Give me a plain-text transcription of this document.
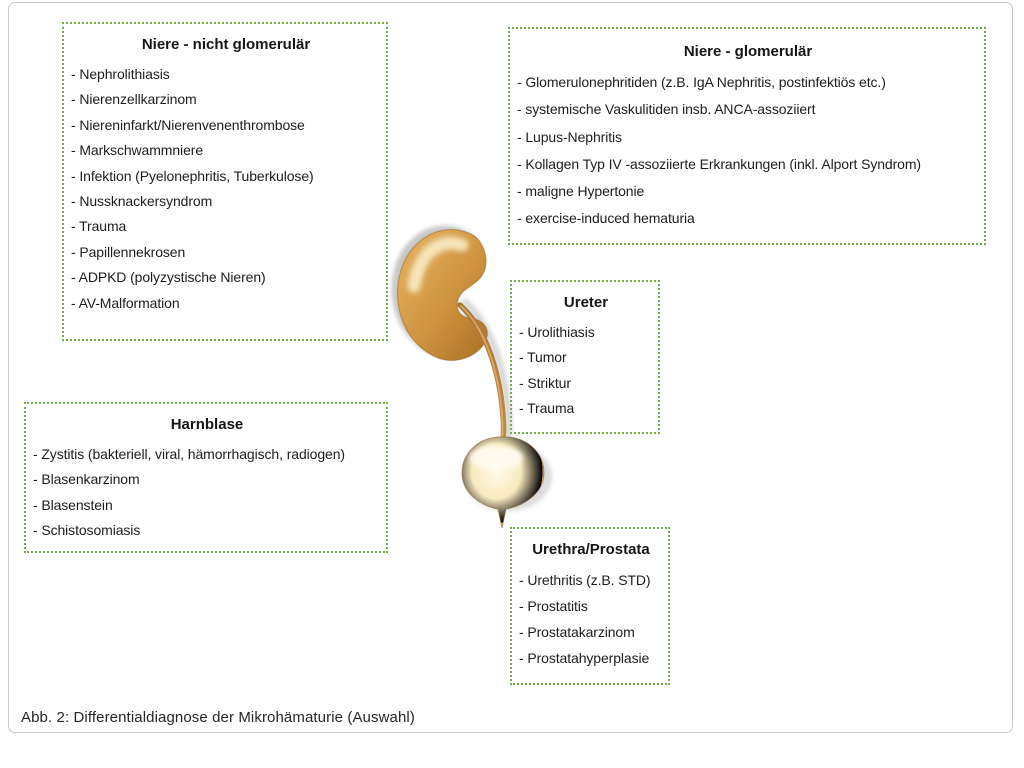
Niere - nicht glomerulär
- Nephrolithiasis
- Nierenzellkarzinom
- Niereninfarkt/Nierenvenenthrombose
- Markschwammniere
- Infektion (Pyelonephritis, Tuberkulose)
- Nussknackersyndrom
- Trauma
- Papillennekrosen
- ADPKD (polyzystische Nieren)
- AV-Malformation
Niere - glomerulär
- Glomerulonephritiden (z.B. IgA Nephritis, postinfektiös etc.)
- systemische Vaskulitiden insb. ANCA-assoziiert
- Lupus-Nephritis
- Kollagen Typ IV -assoziierte Erkrankungen (inkl. Alport Syndrom)
- maligne Hypertonie
- exercise-induced hematuria
Ureter
- Urolithiasis
- Tumor
- Striktur
- Trauma
Harnblase
- Zystitis (bakteriell, viral, hämorrhagisch, radiogen)
- Blasenkarzinom
- Blasenstein
- Schistosomiasis
Urethra/Prostata
- Urethritis (z.B. STD)
- Prostatitis
- Prostatakarzinom
- Prostatahyperplasie
Abb. 2: Differentialdiagnose der Mikrohämaturie (Auswahl)
